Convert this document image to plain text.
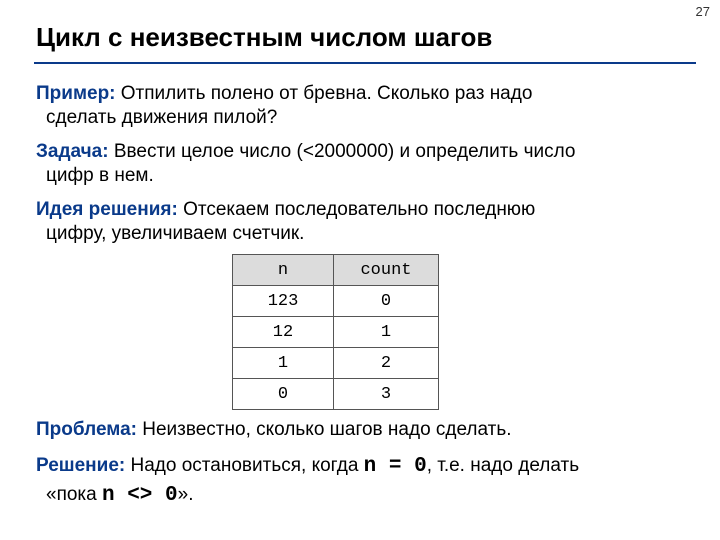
27
Цикл с неизвестным числом шагов
Пример: Отпилить полено от бревна. Сколько раз надо
сделать движения пилой?
Задача: Ввести целое число (<2000000) и определить число
цифр в нем.
Идея решения: Отсекаем последовательно последнюю
цифру, увеличиваем счетчик.
n	count
123	0
12	1
1	2
0	3
Проблема: Неизвестно, сколько шагов надо сделать.
Решение: Надо остановиться, когда n = 0, т.е. надо делать
«пока n <> 0».
